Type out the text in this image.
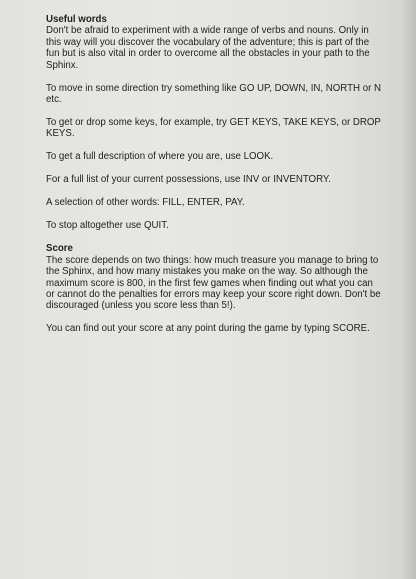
Useful words

Don't be afraid to experiment with a wide range of verbs and nouns. Only in this way will you discover the vocabulary of the adventure; this is part of the fun but is also vital in order to overcome all the obstacles in your path to the Sphinx.

To move in some direction try something like GO UP, DOWN, IN, NORTH or N etc.

To get or drop some keys, for example, try GET KEYS, TAKE KEYS, or DROP KEYS.

To get a full description of where you are, use LOOK.

For a full list of your current possessions, use INV or INVENTORY.

A selection of other words: FILL, ENTER, PAY.

To stop altogether use QUIT.

Score

The score depends on two things: how much treasure you manage to bring to the Sphinx, and how many mistakes you make on the way. So although the maximum score is 800, in the first few games when finding out what you can or cannot do the penalties for errors may keep your score right down. Don't be discouraged (unless you score less than 5!).

You can find out your score at any point during the game by typing SCORE.
